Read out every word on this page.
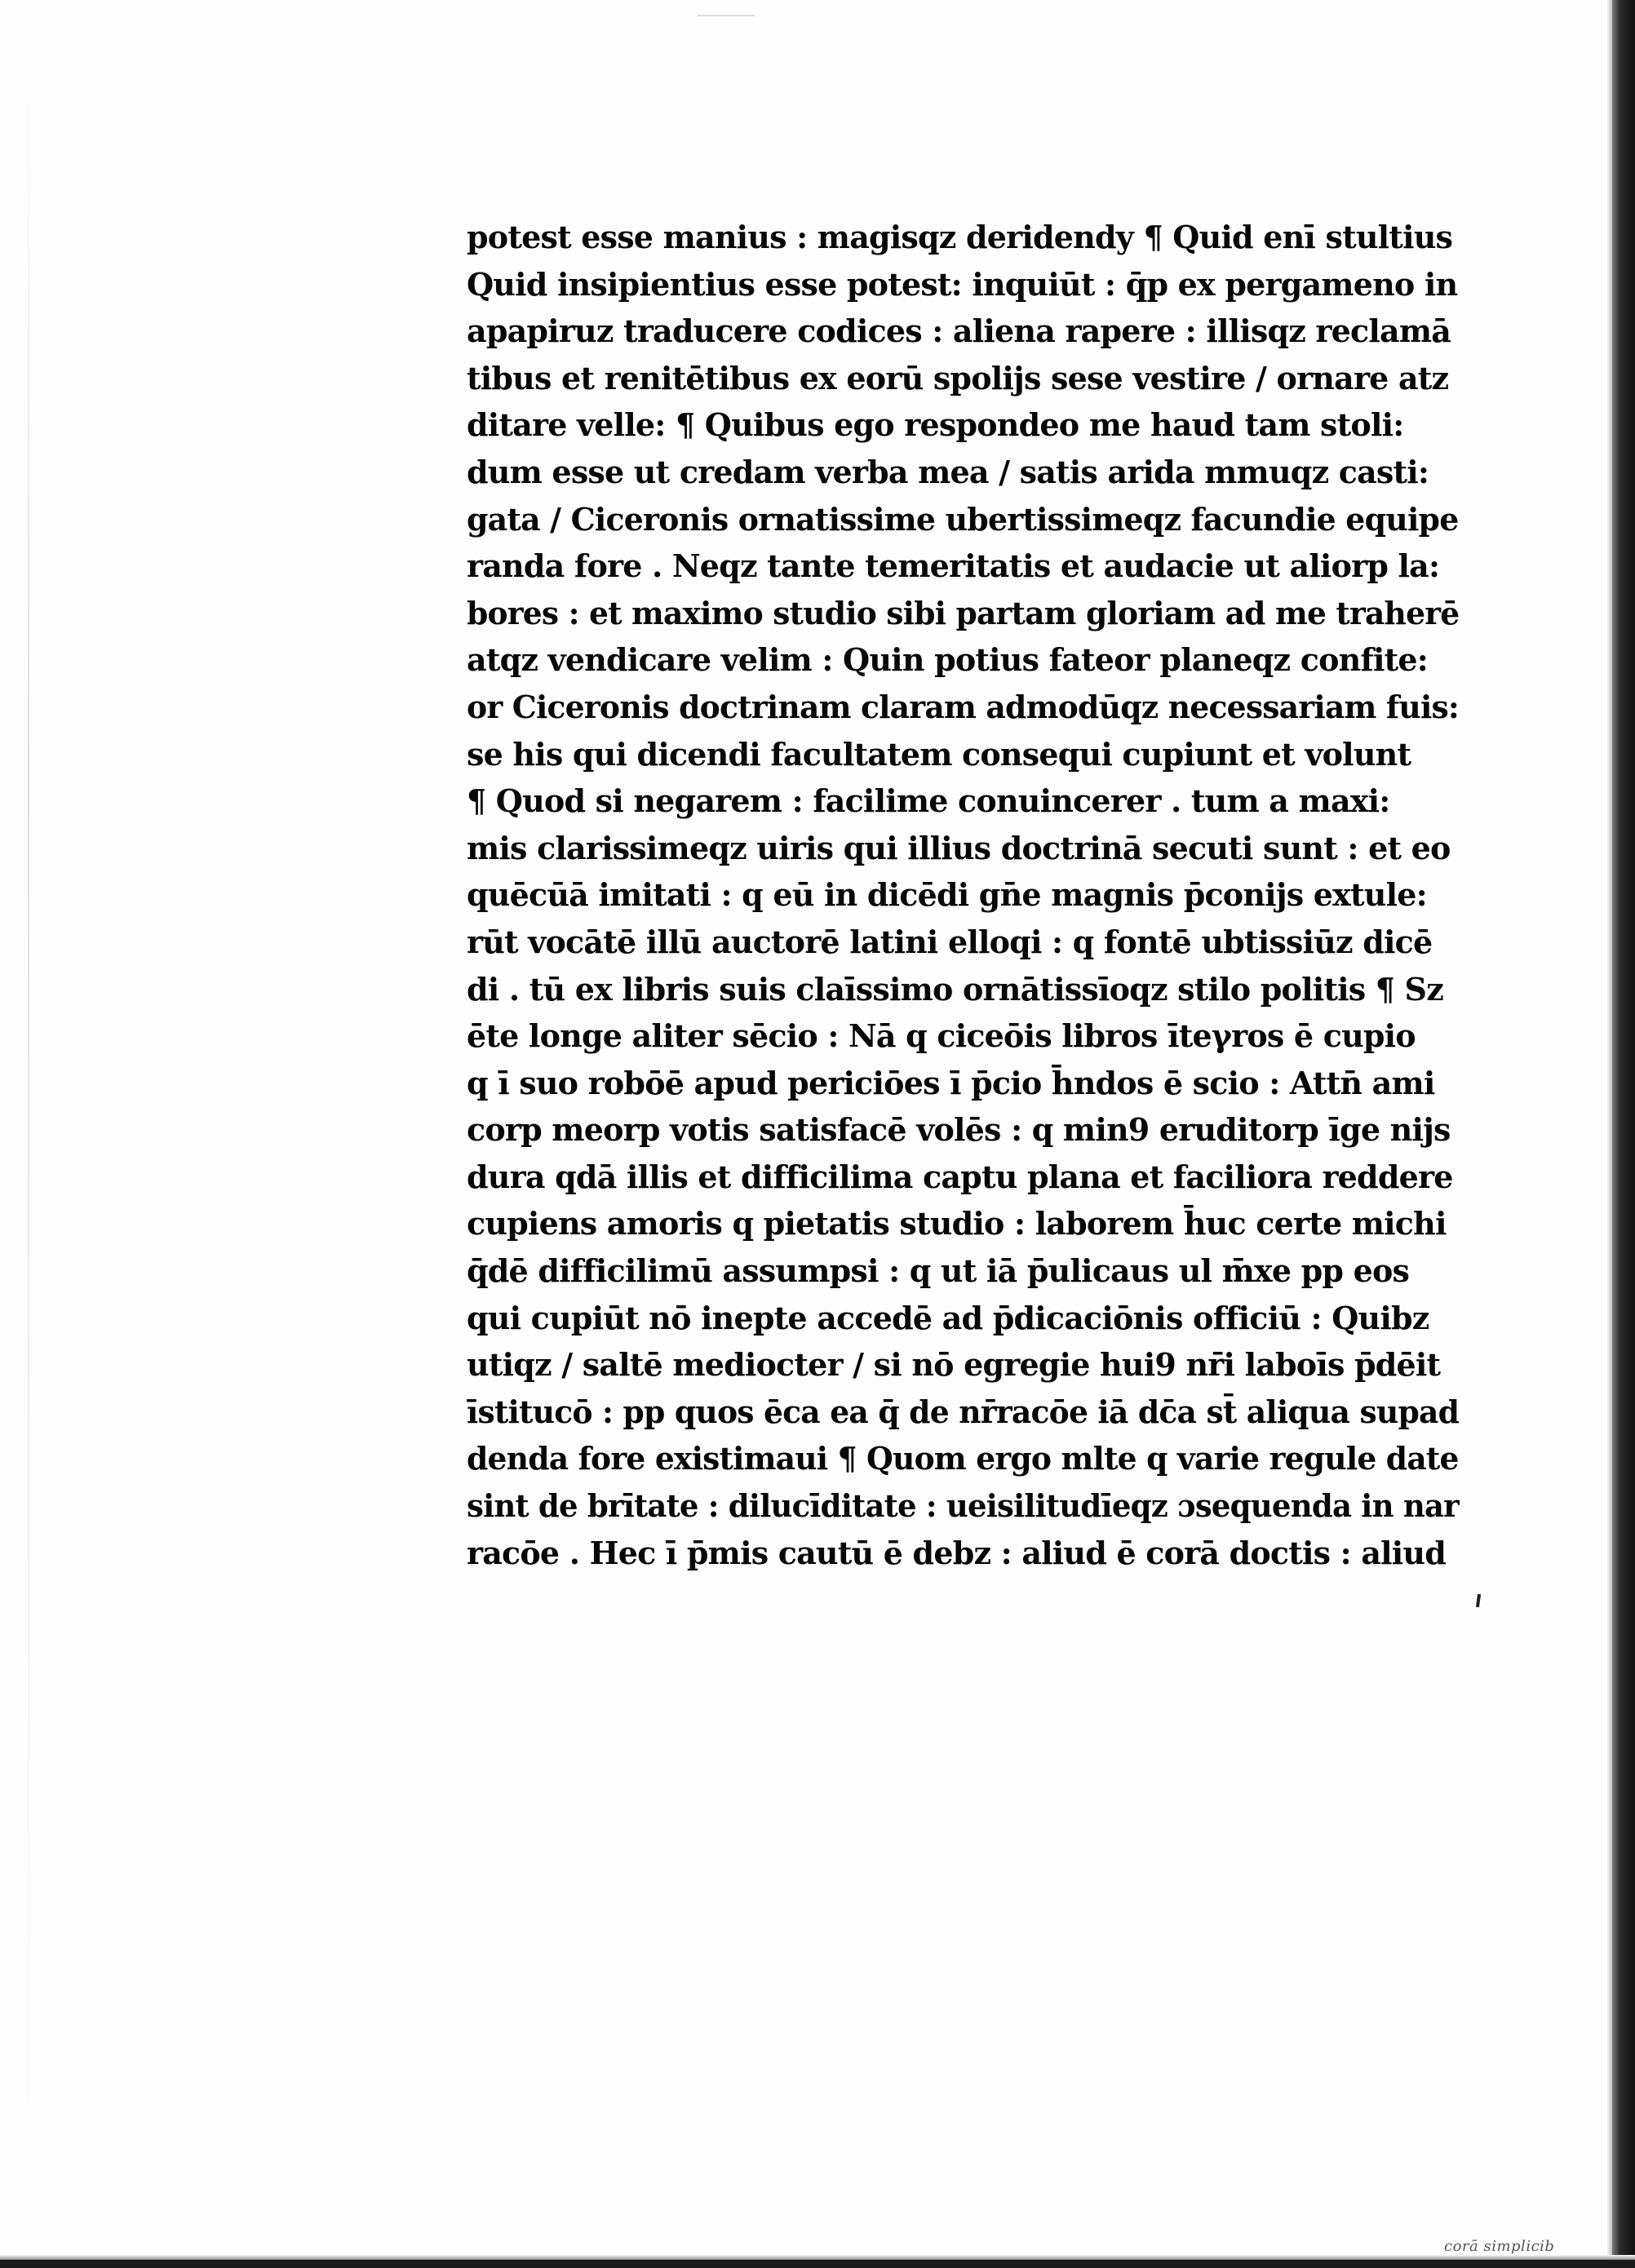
potest esse manius : magisqz deridendy ¶ Quid enī stultius
Quid insipientius esse potest: inquiūt : q̄p ex pergameno in
apapiruz traducere codices : aliena rapere : illisqz reclamā
tibus et renitētibus ex eorū spolijs sese vestire / ornare atz
ditare velle: ¶ Quibus ego respondeo me haud tam stoli:
dum esse ut credam verba mea / satis arida mmuqz casti:
gata / Ciceronis ornatissime ubertissimeqz facundie equipe
randa fore . Neqz tante temeritatis et audacie ut aliorp la:
bores : et maximo studio sibi partam gloriam ad me traherē
atqz vendicare velim : Quin potius fateor planeqz confite:
or Ciceronis doctrinam claram admodūqz necessariam fuis:
se his qui dicendi facultatem consequi cupiunt et volunt
¶ Quod si negarem : facilime conuincerer . tum a maxi:
mis clarissimeqz uiris qui illius doctrinā secuti sunt : et eo
quēcūā imitati : q eū in dicēdi gn̄e magnis p̄conijs extule:
rūt vocātē illū auctorē latini elloqi : q fontē ubtissiūz dicē
di . tū ex libris suis claīssimo ornātissīoqz stilo politis ¶ Sz
ēte longe aliter sēcio : Nā q ciceōis libros īteγros ē cupio
q ī suo robōē apud periciōes ī p̄cio h̄ndos ē scio : Attn̄ ami
corp meorp votis satisfacē volēs : q min9 eruditorp īge nijs
dura qdā illis et difficilima captu plana et faciliora reddere
cupiens amoris q pietatis studio : laborem h̄uc certe michi
q̄dē difficilimū assumpsi : q ut iā p̄ulicaus ul m̄xe pp eos
qui cupiūt nō inepte accedē ad p̄dicaciōnis officiū : Quibz
utiqz / saltē mediocter / si nō egregie hui9 nr̄i laboīs p̄dēit
īstitucō : pp quos ēca ea q̄ de nr̄racōe iā dc̄a st̄ aliqua supad
denda fore existimaui ¶ Quom ergo mlte q varie regule date
sint de brītate : dilucīditate : ueisilitudīeqz ɔsequenda in nar
racōe . Hec ī p̄mis cautū ē debz : aliud ē corā doctis : aliud
corā simplicib
